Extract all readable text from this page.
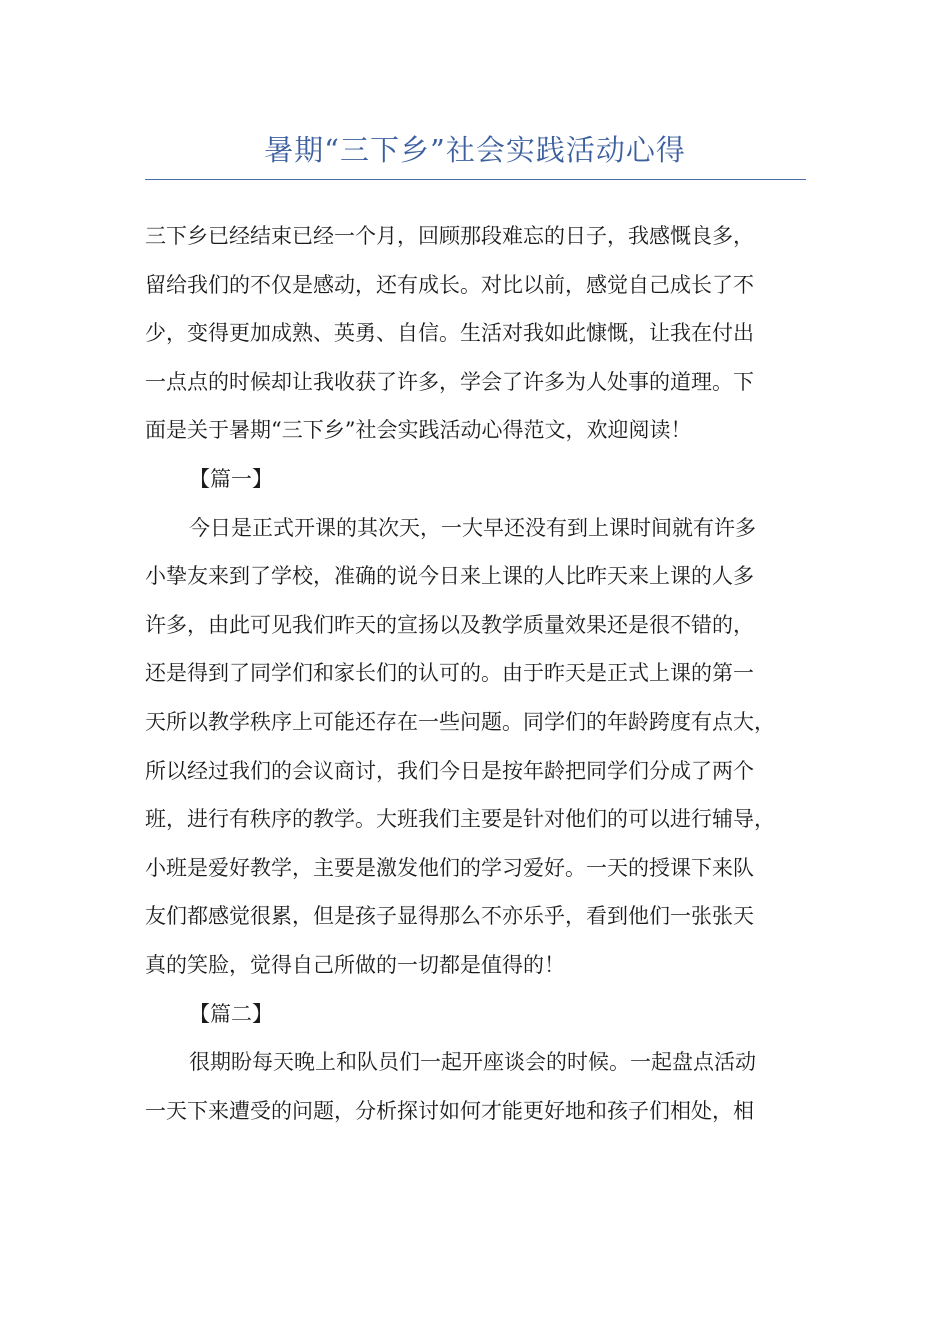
暑期“三下乡”社会实践活动心得
三下乡已经结束已经一个月，回顾那段难忘的日子，我感慨良多，
留给我们的不仅是感动，还有成长。对比以前，感觉自己成长了不
少，变得更加成熟、英勇、自信。生活对我如此慷慨，让我在付出
一点点的时候却让我收获了许多，学会了许多为人处事的道理。下
面是关于暑期“三下乡”社会实践活动心得范文，欢迎阅读！
【篇一】
今日是正式开课的其次天，一大早还没有到上课时间就有许多
小挚友来到了学校，准确的说今日来上课的人比昨天来上课的人多
许多，由此可见我们昨天的宣扬以及教学质量效果还是很不错的，
还是得到了同学们和家长们的认可的。由于昨天是正式上课的第一
天所以教学秩序上可能还存在一些问题。同学们的年龄跨度有点大，
所以经过我们的会议商讨，我们今日是按年龄把同学们分成了两个
班，进行有秩序的教学。大班我们主要是针对他们的可以进行辅导，
小班是爱好教学，主要是激发他们的学习爱好。一天的授课下来队
友们都感觉很累，但是孩子显得那么不亦乐乎，看到他们一张张天
真的笑脸，觉得自己所做的一切都是值得的！
【篇二】
很期盼每天晚上和队员们一起开座谈会的时候。一起盘点活动
一天下来遭受的问题，分析探讨如何才能更好地和孩子们相处，相
